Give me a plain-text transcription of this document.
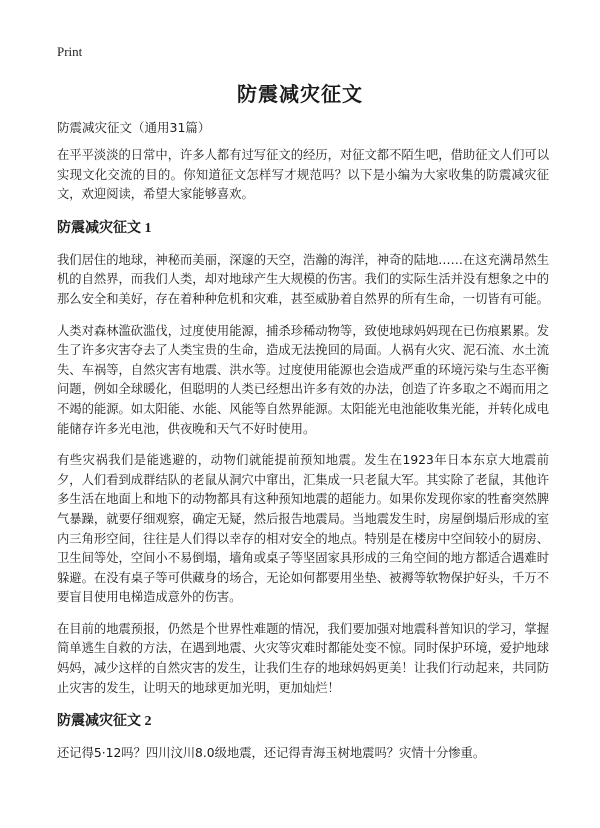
Print
防震减灾征文
防震减灾征文（通用31篇）

在平平淡淡的日常中，许多人都有过写征文的经历，对征文都不陌生吧，借助征文人们可以实现文化交流的目的。你知道征文怎样写才规范吗？以下是小编为大家收集的防震减灾征文，欢迎阅读，希望大家能够喜欢。

防震减灾征文 1

我们居住的地球，神秘而美丽，深邃的天空，浩瀚的海洋，神奇的陆地……在这充满昂然生机的自然界，而我们人类，却对地球产生大规模的伤害。我们的实际生活并没有想象之中的那么安全和美好，存在着种种危机和灾难，甚至威胁着自然界的所有生命，一切皆有可能。

人类对森林滥砍滥伐，过度使用能源，捕杀珍稀动物等，致使地球妈妈现在已伤痕累累。发生了许多灾害夺去了人类宝贵的生命，造成无法挽回的局面。人祸有火灾、泥石流、水土流失、车祸等，自然灾害有地震、洪水等。过度使用能源也会造成严重的环境污染与生态平衡问题，例如全球暖化，但聪明的人类已经想出许多有效的办法，创造了许多取之不竭而用之不竭的能源。如太阳能、水能、风能等自然界能源。太阳能光电池能收集光能，并转化成电能储存许多光电池，供夜晚和天气不好时使用。

有些灾祸我们是能逃避的，动物们就能提前预知地震。发生在1923年日本东京大地震前夕，人们看到成群结队的老鼠从洞穴中窜出，汇集成一只老鼠大军。其实除了老鼠，其他许多生活在地面上和地下的动物都具有这种预知地震的超能力。如果你发现你家的牲畜突然脾气暴躁，就要仔细观察，确定无疑，然后报告地震局。当地震发生时，房屋倒塌后形成的室内三角形空间，往往是人们得以幸存的相对安全的地点。特别是在楼房中空间较小的厨房、卫生间等处，空间小不易倒塌，墙角或桌子等坚固家具形成的三角空间的地方都适合遇难时躲避。在没有桌子等可供藏身的场合，无论如何都要用坐垫、被褥等软物保护好头，千万不要盲目使用电梯造成意外的伤害。

在目前的地震预报，仍然是个世界性难题的情况，我们要加强对地震科普知识的学习，掌握简单逃生自救的方法，在遇到地震、火灾等灾难时都能处变不惊。同时保护环境，爱护地球妈妈，减少这样的自然灾害的发生，让我们生存的地球妈妈更美！让我们行动起来，共同防止灾害的发生，让明天的地球更加光明，更加灿烂！

防震减灾征文 2

还记得5·12吗？四川汶川8.0级地震，还记得青海玉树地震吗？灾情十分惨重。
